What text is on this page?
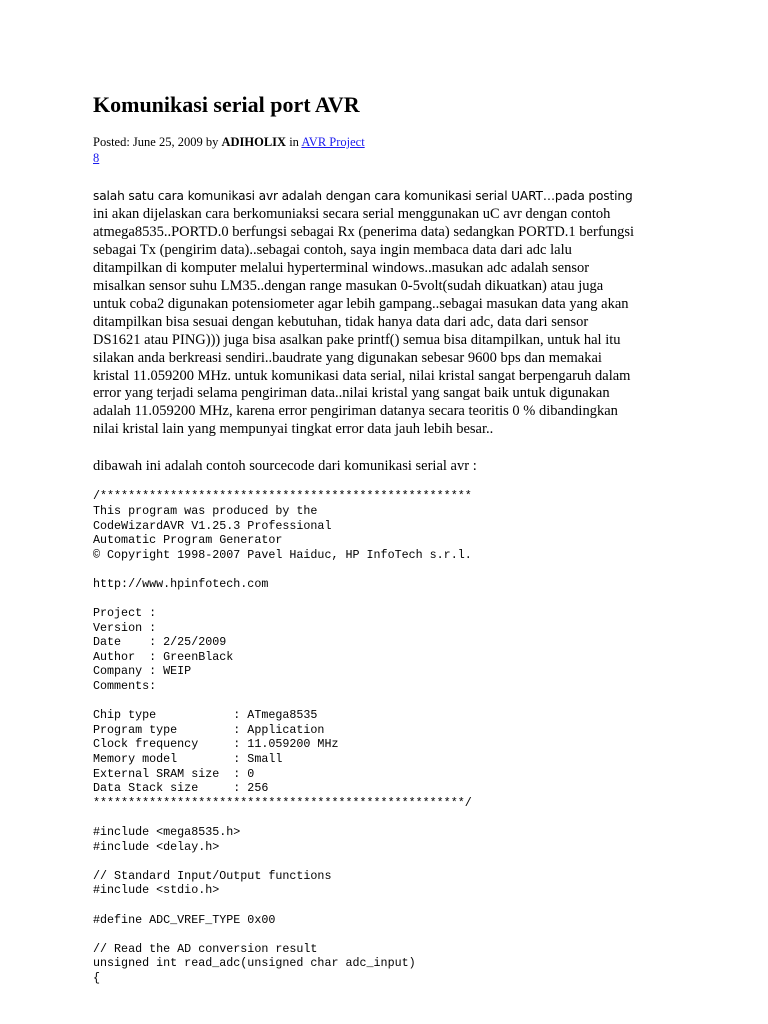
Komunikasi serial port AVR
Posted: June 25, 2009 by ADIHOLIX in AVR Project
8
salah satu cara komunikasi avr adalah dengan cara komunikasi serial UART…pada posting
ini akan dijelaskan cara berkomuniaksi secara serial menggunakan uC avr dengan contoh
atmega8535..PORTD.0 berfungsi sebagai Rx (penerima data) sedangkan PORTD.1 berfungsi
sebagai Tx (pengirim data)..sebagai contoh, saya ingin membaca data dari adc lalu
ditampilkan di komputer melalui hyperterminal windows..masukan adc adalah sensor
misalkan sensor suhu LM35..dengan range masukan 0-5volt(sudah dikuatkan) atau juga
untuk coba2 digunakan potensiometer agar lebih gampang..sebagai masukan data yang akan
ditampilkan bisa sesuai dengan kebutuhan, tidak hanya data dari adc, data dari sensor
DS1621 atau PING))) juga bisa asalkan pake printf() semua bisa ditampilkan, untuk hal itu
silakan anda berkreasi sendiri..baudrate yang digunakan sebesar 9600 bps dan memakai
kristal 11.059200 MHz. untuk komunikasi data serial, nilai kristal sangat berpengaruh dalam
error yang terjadi selama pengiriman data..nilai kristal yang sangat baik untuk digunakan
adalah 11.059200 MHz, karena error pengiriman datanya secara teoritis 0 % dibandingkan
nilai kristal lain yang mempunyai tingkat error data jauh lebih besar..
dibawah ini adalah contoh sourcecode dari komunikasi serial avr :
/*****************************************************
This program was produced by the
CodeWizardAVR V1.25.3 Professional
Automatic Program Generator
© Copyright 1998-2007 Pavel Haiduc, HP InfoTech s.r.l.
http://www.hpinfotech.com
Project :
Version :
Date    : 2/25/2009
Author  : GreenBlack
Company : WEIP
Comments:
Chip type           : ATmega8535
Program type        : Application
Clock frequency     : 11.059200 MHz
Memory model        : Small
External SRAM size  : 0
Data Stack size     : 256
*****************************************************/
#include <mega8535.h>
#include <delay.h>
// Standard Input/Output functions
#include <stdio.h>
#define ADC_VREF_TYPE 0x00
// Read the AD conversion result
unsigned int read_adc(unsigned char adc_input)
{
